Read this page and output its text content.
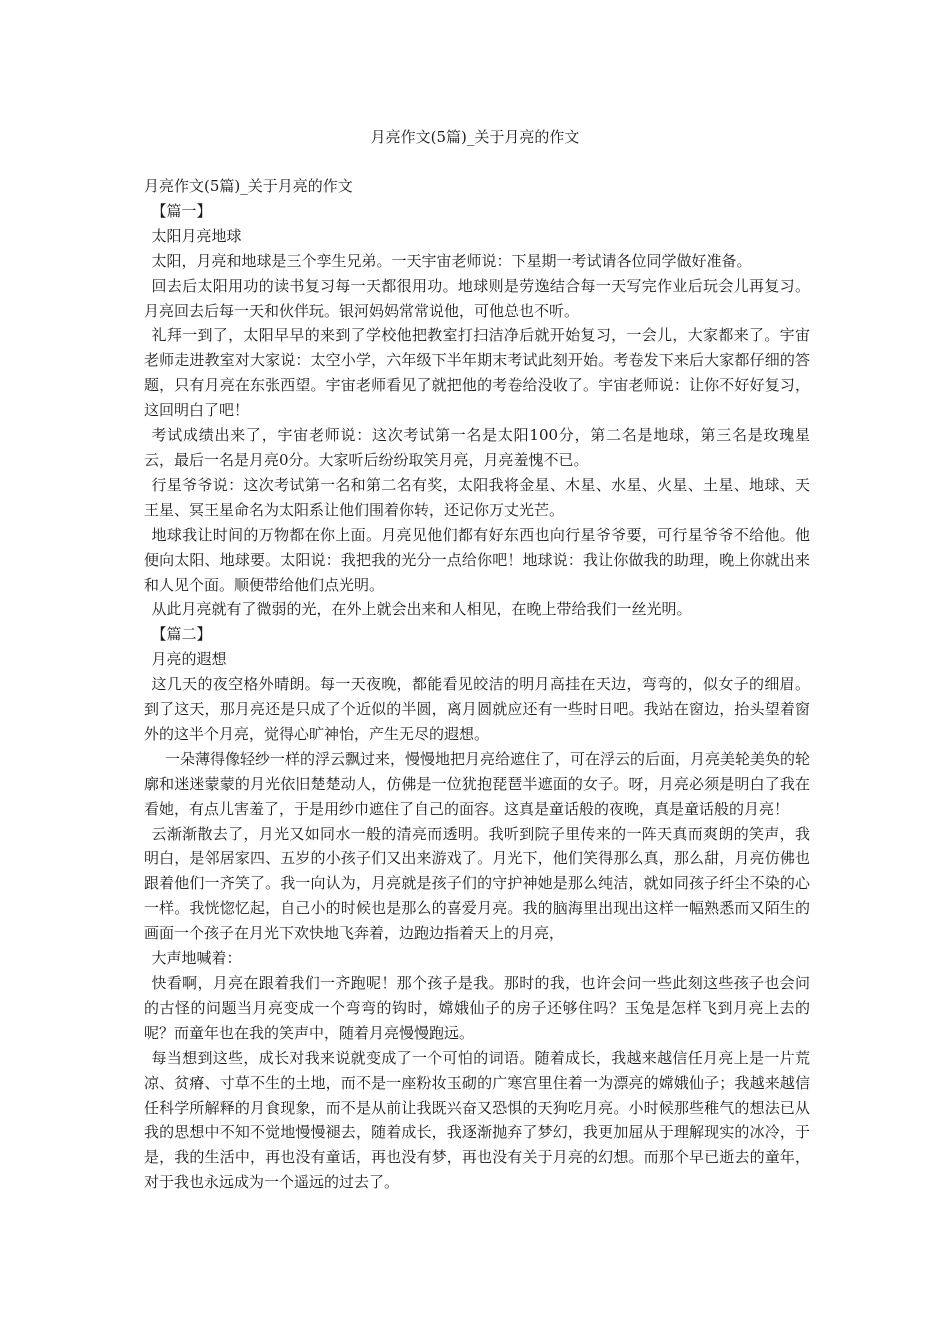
月亮作文(5篇)_关于月亮的作文

月亮作文(5篇)_关于月亮的作文

【篇一】

太阳月亮地球

太阳，月亮和地球是三个孪生兄弟。一天宇宙老师说：下星期一考试请各位同学做好准备。

回去后太阳用功的读书复习每一天都很用功。地球则是劳逸结合每一天写完作业后玩会儿再复习。月亮回去后每一天和伙伴玩。银河妈妈常常说他，可他总也不听。

礼拜一到了，太阳早早的来到了学校他把教室打扫洁净后就开始复习，一会儿，大家都来了。宇宙老师走进教室对大家说：太空小学，六年级下半年期末考试此刻开始。考卷发下来后大家都仔细的答题，只有月亮在东张西望。宇宙老师看见了就把他的考卷给没收了。宇宙老师说：让你不好好复习，这回明白了吧！

考试成绩出来了，宇宙老师说：这次考试第一名是太阳100分，第二名是地球，第三名是玫瑰星云，最后一名是月亮0分。大家听后纷纷取笑月亮，月亮羞愧不已。

行星爷爷说：这次考试第一名和第二名有奖，太阳我将金星、木星、水星、火星、土星、地球、天王星、冥王星命名为太阳系让他们围着你转，还记你万丈光芒。

地球我让时间的万物都在你上面。月亮见他们都有好东西也向行星爷爷要，可行星爷爷不给他。他便向太阳、地球要。太阳说：我把我的光分一点给你吧！地球说：我让你做我的助理，晚上你就出来和人见个面。顺便带给他们点光明。

从此月亮就有了微弱的光，在外上就会出来和人相见，在晚上带给我们一丝光明。

【篇二】

月亮的遐想

这几天的夜空格外晴朗。每一天夜晚，都能看见皎洁的明月高挂在天边，弯弯的，似女子的细眉。到了这天，那月亮还是只成了个近似的半圆，离月圆就应还有一些时日吧。我站在窗边，抬头望着窗外的这半个月亮，觉得心旷神怡，产生无尽的遐想。

一朵薄得像轻纱一样的浮云飘过来，慢慢地把月亮给遮住了，可在浮云的后面，月亮美轮美奂的轮廓和迷迷蒙蒙的月光依旧楚楚动人，仿佛是一位犹抱琵琶半遮面的女子。呀，月亮必须是明白了我在看她，有点儿害羞了，于是用纱巾遮住了自己的面容。这真是童话般的夜晚，真是童话般的月亮！

云渐渐散去了，月光又如同水一般的清亮而透明。我听到院子里传来的一阵天真而爽朗的笑声，我明白，是邻居家四、五岁的小孩子们又出来游戏了。月光下，他们笑得那么真，那么甜，月亮仿佛也跟着他们一齐笑了。我一向认为，月亮就是孩子们的守护神她是那么纯洁，就如同孩子纤尘不染的心一样。我恍惚忆起，自己小的时候也是那么的喜爱月亮。我的脑海里出现出这样一幅熟悉而又陌生的画面一个孩子在月光下欢快地飞奔着，边跑边指着天上的月亮，

大声地喊着：

快看啊，月亮在跟着我们一齐跑呢！那个孩子是我。那时的我，也许会问一些此刻这些孩子也会问的古怪的问题当月亮变成一个弯弯的钩时，嫦娥仙子的房子还够住吗？玉兔是怎样飞到月亮上去的呢？而童年也在我的笑声中，随着月亮慢慢跑远。

每当想到这些，成长对我来说就变成了一个可怕的词语。随着成长，我越来越信任月亮上是一片荒凉、贫瘠、寸草不生的土地，而不是一座粉妆玉砌的广寒宫里住着一为漂亮的嫦娥仙子；我越来越信任科学所解释的月食现象，而不是从前让我既兴奋又恐惧的天狗吃月亮。小时候那些稚气的想法已从我的思想中不知不觉地慢慢褪去，随着成长，我逐渐抛弃了梦幻，我更加屈从于理解现实的冰冷，于是，我的生活中，再也没有童话，再也没有梦，再也没有关于月亮的幻想。而那个早已逝去的童年，对于我也永远成为一个遥远的过去了。
